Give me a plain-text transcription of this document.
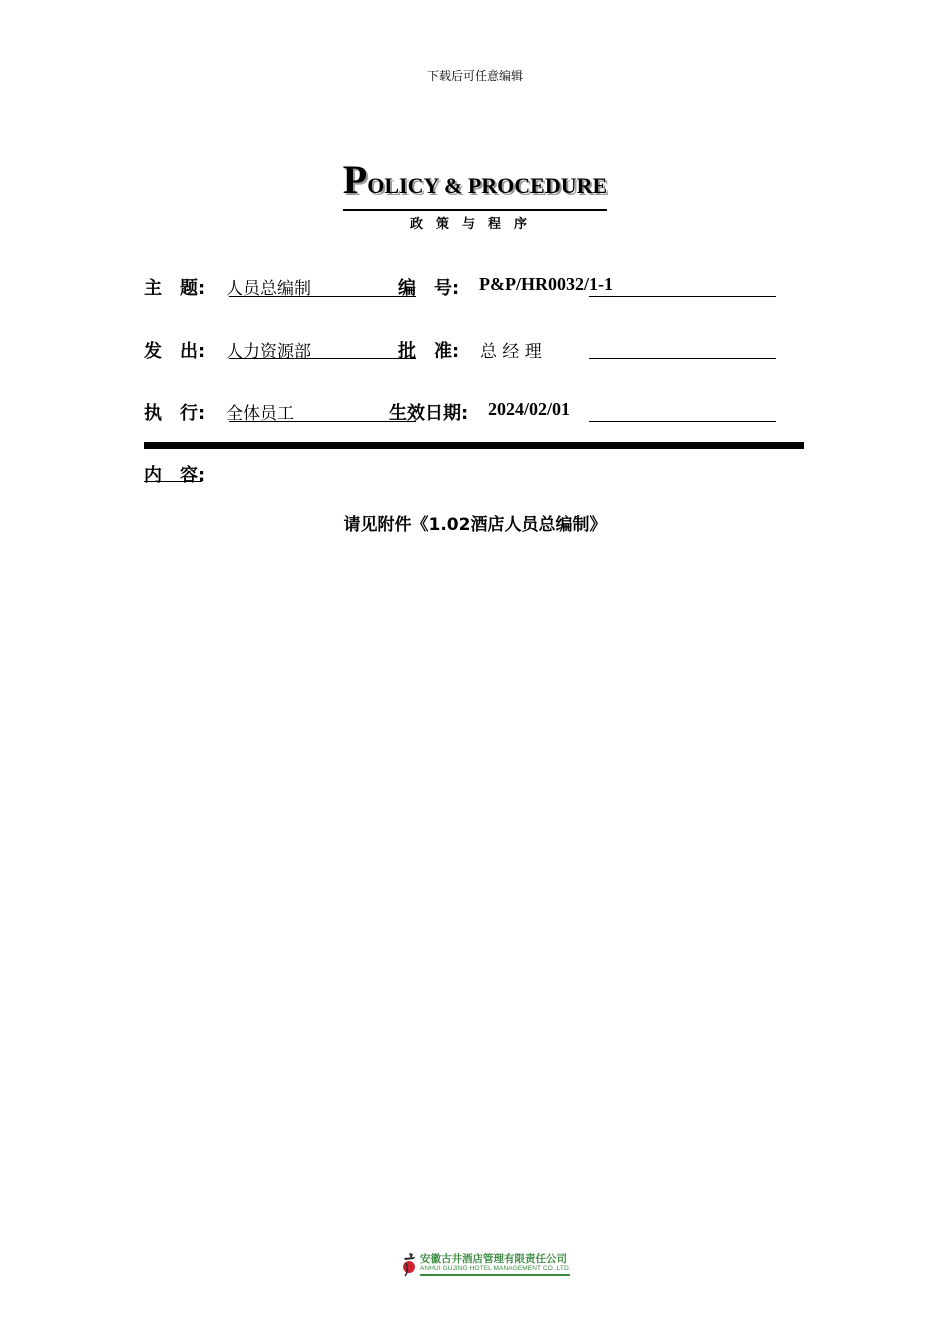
下载后可任意编辑
POLICY & PROCEDURE
政策与程序
主　题: 人员总编制	编　号: P&P/HR0032/1-1
发　出: 人力资源部	批　准: 总 经 理
执　行: 全体员工	生效日期: 2024/02/01
内　容:
请见附件《1.02酒店人员总编制》
安徽古井酒店管理有限责任公司
ANHUI GUJING HOTEL MANAGEMENT CO.,LTD.
